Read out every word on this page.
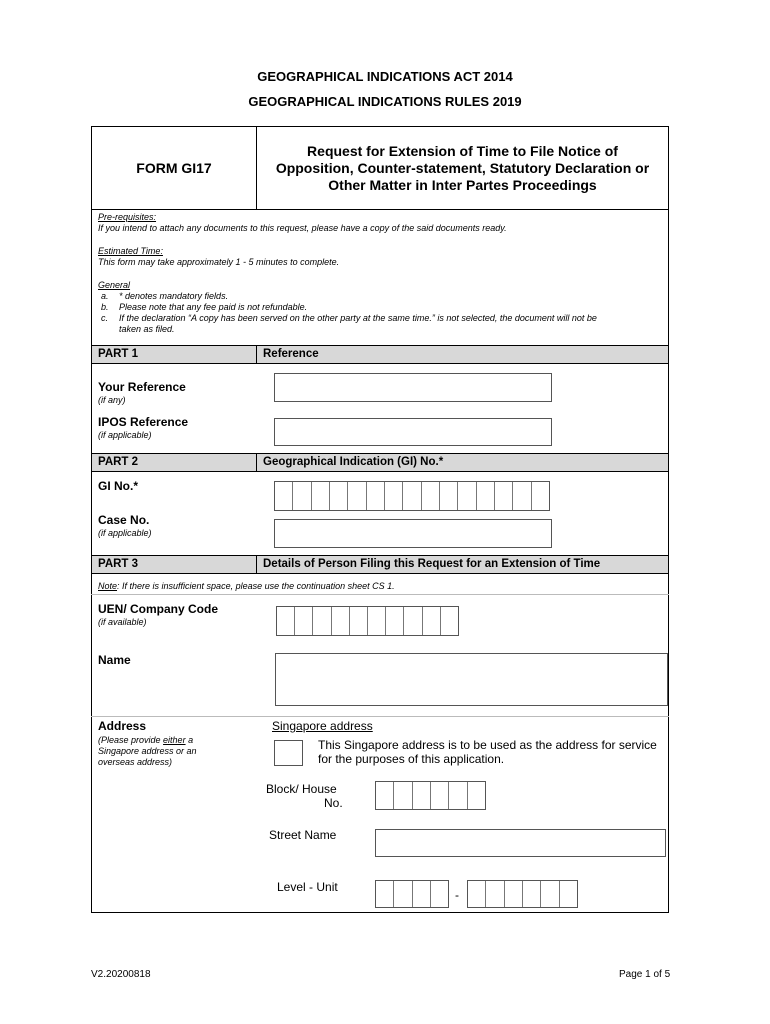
GEOGRAPHICAL INDICATIONS ACT 2014
GEOGRAPHICAL INDICATIONS RULES 2019
FORM GI17
Request for Extension of Time to File Notice of Opposition, Counter-statement, Statutory Declaration or Other Matter in Inter Partes Proceedings
Pre-requisites:
If you intend to attach any documents to this request, please have a copy of the said documents ready.
Estimated Time:
This form may take approximately 1 - 5 minutes to complete.
General
a. * denotes mandatory fields.
b. Please note that any fee paid is not refundable.
c. If the declaration “A copy has been served on the other party at the same time.” is not selected, the document will not be
taken as filed.
PART 1	Reference
Your Reference
(if any)
IPOS Reference
(if applicable)
PART 2	Geographical Indication (GI) No.*
GI No.*
Case No.
(if applicable)
PART 3	Details of Person Filing this Request for an Extension of Time
Note: If there is insufficient space, please use the continuation sheet CS 1.
UEN/ Company Code
(if available)
Name
Address
(Please provide either a
Singapore address or an
overseas address)
Singapore address
This Singapore address is to be used as the address for service
for the purposes of this application.
Block/ House
No.
Street Name
Level - Unit
-
V2.20200818	Page 1 of 5
